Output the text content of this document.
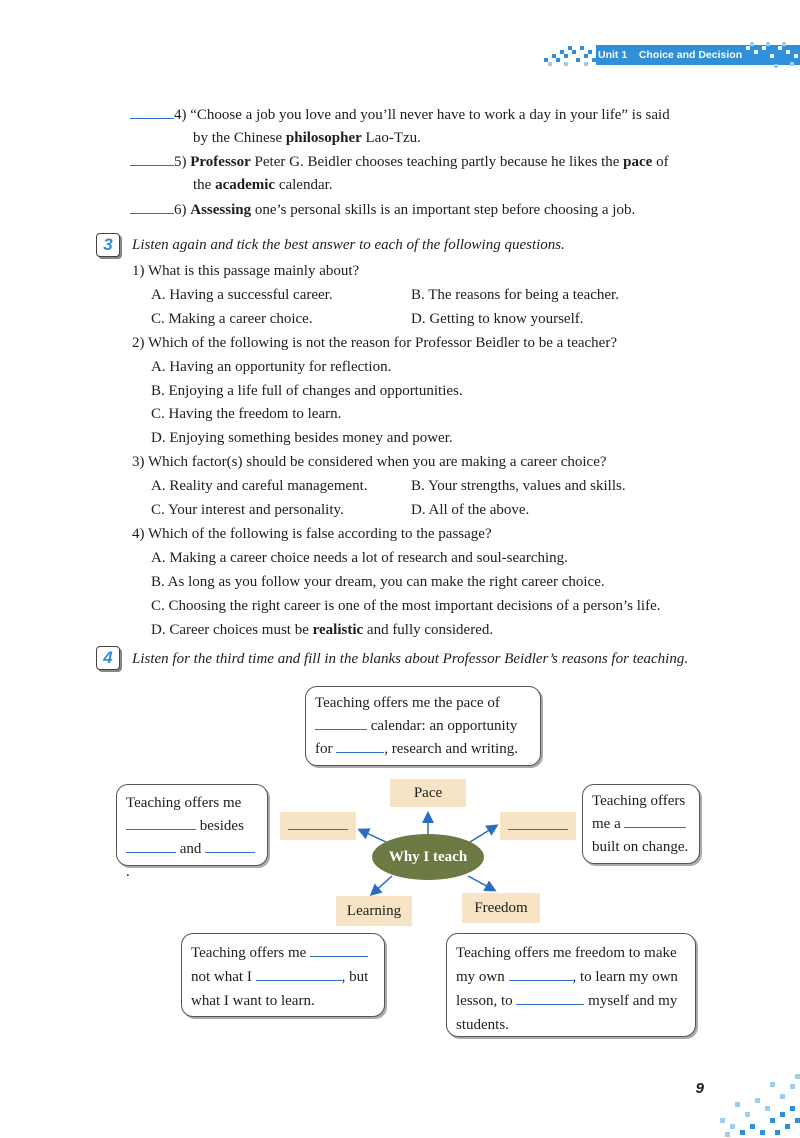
Unit 1 Choice and Decision
4) “Choose a job you love and you’ll never have to work a day in your life” is said
by the Chinese philosopher Lao-Tzu.
5) Professor Peter G. Beidler chooses teaching partly because he likes the pace of
the academic calendar.
6) Assessing one’s personal skills is an important step before choosing a job.
3	Listen again and tick the best answer to each of the following questions.
1) What is this passage mainly about?
A. Having a successful career.	B. The reasons for being a teacher.
C. Making a career choice.	D. Getting to know yourself.
2) Which of the following is not the reason for Professor Beidler to be a teacher?
A. Having an opportunity for reflection.
B. Enjoying a life full of changes and opportunities.
C. Having the freedom to learn.
D. Enjoying something besides money and power.
3) Which factor(s) should be considered when you are making a career choice?
A. Reality and careful management.	B. Your strengths, values and skills.
C. Your interest and personality.	D. All of the above.
4) Which of the following is false according to the passage?
A. Making a career choice needs a lot of research and soul-searching.
B. As long as you follow your dream, you can make the right career choice.
C. Choosing the right career is one of the most important decisions of a person’s life.
D. Career choices must be realistic and fully considered.
4	Listen for the third time and fill in the blanks about Professor Beidler’s reasons for teaching.
Teaching offers me the pace of
calendar: an opportunity
for	, research and writing.
Pace
Teaching offers me
besides
and .
Teaching offers
me a
built on change.
Why I teach
Learning	Freedom
Teaching offers me
not what I	, but
what I want to learn.
Teaching offers me freedom to make
my own	, to learn my own
lesson, to	myself and my
students.
9
